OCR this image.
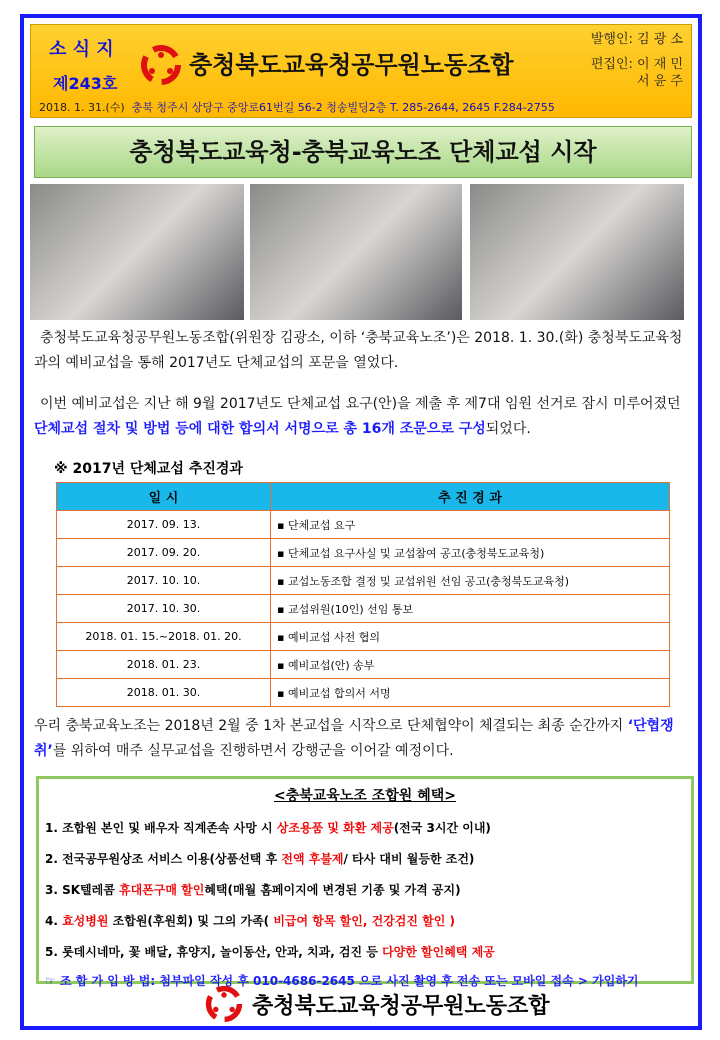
소 식 지
제243호
충청북도교육청공무원노동조합
발행인: 김 광 소
편집인: 이 재 민
서 윤 주
2018. 1. 31.(수) 충북 청주시 상당구 중앙로61번길 56-2 청송빌딩2층 T. 285-2644, 2645 F.284-2755
충청북도교육청-충북교육노조 단체교섭 시작
충청북도교육청공무원노동조합(위원장 김광소, 이하 ‘충북교육노조’)은 2018. 1. 30.(화) 충청북도교육청과의 예비교섭을 통해 2017년도 단체교섭의 포문을 열었다.
이번 예비교섭은 지난 해 9월 2017년도 단체교섭 요구(안)을 제출 후 제7대 임원 선거로 잠시 미루어졌던 단체교섭 절차 및 방법 등에 대한 합의서 서명으로 총 16개 조문으로 구성되었다.
※ 2017년 단체교섭 추진경과
일 시	추 진 경 과
2017. 09. 13.	▪ 단체교섭 요구
2017. 09. 20.	▪ 단체교섭 요구사실 및 교섭참여 공고(충청북도교육청)
2017. 10. 10.	▪ 교섭노동조합 결정 및 교섭위원 선임 공고(충청북도교육청)
2017. 10. 30.	▪ 교섭위원(10인) 선임 통보
2018. 01. 15.~2018. 01. 20.	▪ 예비교섭 사전 협의
2018. 01. 23.	▪ 예비교섭(안) 송부
2018. 01. 30.	▪ 예비교섭 합의서 서명
우리 충북교육노조는 2018년 2월 중 1차 본교섭을 시작으로 단체협약이 체결되는 최종 순간까지 ‘단협쟁취’를 위하여 매주 실무교섭을 진행하면서 강행군을 이어갈 예정이다.
<충북교육노조 조합원 혜택>
1. 조합원 본인 및 배우자 직계존속 사망 시 상조용품 및 화환 제공(전국 3시간 이내)
2. 전국공무원상조 서비스 이용(상품선택 후 전액 후불제/ 타사 대비 월등한 조건)
3. SK텔레콤 휴대폰구매 할인혜택(매월 홈페이지에 변경된 기종 및 가격 공지)
4. 효성병원 조합원(후원회) 및 그의 가족( 비급여 항목 할인, 건강검진 할인 )
5. 롯데시네마, 꽃 배달, 휴양지, 놀이동산, 안과, 치과, 검진 등 다양한 할인혜택 제공
☞ 조 합 가 입 방 법: 첨부파일 작성 후 010-4686-2645 으로 사진 촬영 후 전송 또는 모바일 접속 > 가입하기
충청북도교육청공무원노동조합
